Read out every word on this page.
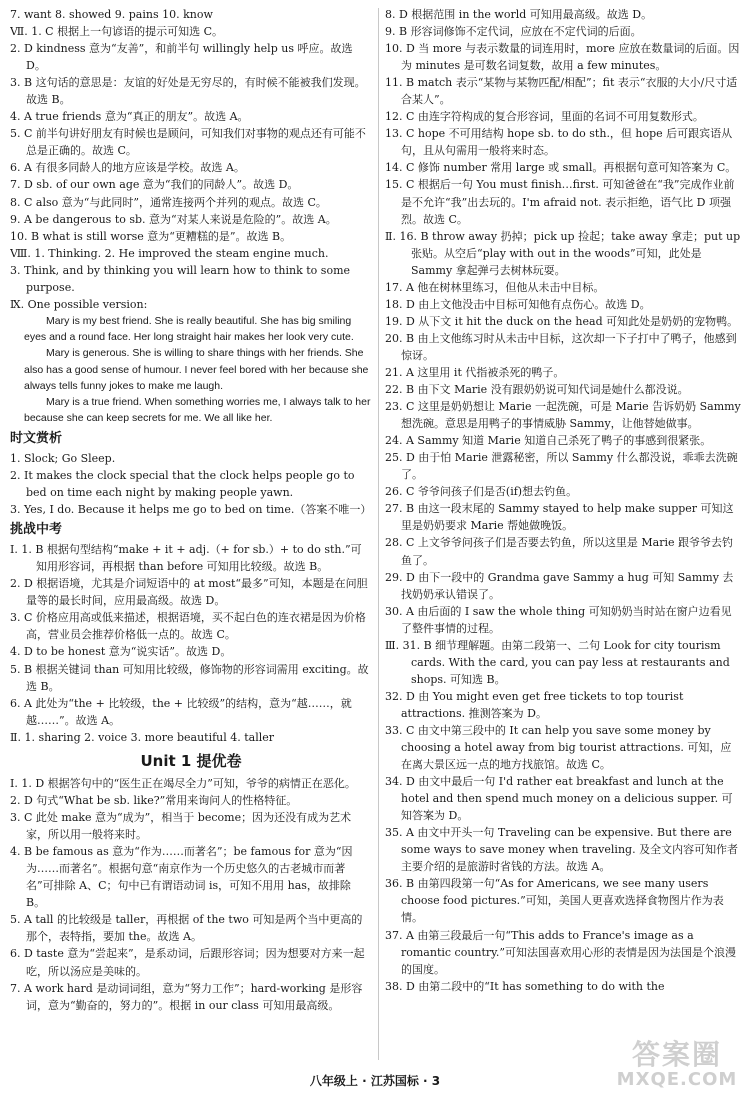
7. want 8. showed 9. pains 10. know
Ⅶ. 1. C 根据上一句谚语的提示可知选 C。
2. D kindness 意为“友善”，和前半句 willingly help us 呼应。故选 D。
3. B 这句话的意思是：友谊的好处是无穷尽的，有时候不能被我们发现。故选 B。
4. A true friends 意为“真正的朋友”。故选 A。
5. C 前半句讲好朋友有时候也是顾问，可知我们对事物的观点还有可能不总是正确的。故选 C。
6. A 有很多同龄人的地方应该是学校。故选 A。
7. D sb. of our own age 意为“我们的同龄人”。故选 D。
8. C also 意为“与此同时”，通常连接两个并列的观点。故选 C。
9. A be dangerous to sb. 意为“对某人来说是危险的”。故选 A。
10. B what is still worse 意为“更糟糕的是”。故选 B。
Ⅷ. 1. Thinking. 2. He improved the steam engine much.
3. Think, and by thinking you will learn how to think to some purpose.
Ⅸ. One possible version:
Mary is my best friend. She is really beautiful. She has big smiling eyes and a round face. Her long straight hair makes her look very cute.
Mary is generous. She is willing to share things with her friends. She also has a good sense of humour. I never feel bored with her because she always tells funny jokes to make me laugh.
Mary is a true friend. When something worries me, I always talk to her because she can keep secrets for me. We all like her.
时文赏析
1. Slock; Go Sleep.
2. It makes the clock special that the clock helps people go to bed on time each night by making people yawn.
3. Yes, I do. Because it helps me go to bed on time.（答案不唯一）
挑战中考
Ⅰ. 1. B 根据句型结构“make + it + adj.（+ for sb.）+ to do sth.”可知用形容词，再根据 than before 可知用比较级。故选 B。
2. D 根据语境，尤其是介词短语中的 at most“最多”可知，本题是在问胆量等的最长时间，应用最高级。故选 D。
3. C 价格应用高或低来描述，根据语境，买不起白色的连衣裙是因为价格高，营业员会推荐价格低一点的。故选 C。
4. D to be honest 意为“说实话”。故选 D。
5. B 根据关键词 than 可知用比较级，修饰物的形容词需用 exciting。故选 B。
6. A 此处为“the + 比较级，the + 比较级”的结构，意为“越……，就越……”。故选 A。
Ⅱ. 1. sharing 2. voice 3. more beautiful 4. taller
Unit 1 提优卷
Ⅰ. 1. D 根据答句中的“医生正在竭尽全力”可知，爷爷的病情正在恶化。
2. D 句式“What be sb. like?”常用来询问人的性格特征。
3. C 此处 make 意为“成为”，相当于 become；因为还没有成为艺术家，所以用一般将来时。
4. B be famous as 意为“作为……而著名”；be famous for 意为“因为……而著名”。根据句意“南京作为一个历史悠久的古老城市而著名”可排除 A、C；句中已有谓语动词 is，可知不用用 has，故排除 B。
5. A tall 的比较级是 taller，再根据 of the two 可知是两个当中更高的那个，表特指，要加 the。故选 A。
6. D taste 意为“尝起来”，是系动词，后跟形容词；因为想要对方来一起吃，所以汤应是美味的。
7. A work hard 是动词词组，意为“努力工作”；hard-working 是形容词，意为“勤奋的，努力的”。根据 in our class 可知用最高级。
8. D 根据范围 in the world 可知用最高级。故选 D。
9. B 形容词修饰不定代词，应放在不定代词的后面。
10. D 当 more 与表示数量的词连用时，more 应放在数量词的后面。因为 minutes 是可数名词复数，故用 a few minutes。
11. B match 表示“某物与某物匹配/相配”；fit 表示“衣服的大小/尺寸适合某人”。
12. C 由连字符构成的复合形容词，里面的名词不可用复数形式。
13. C hope 不可用结构 hope sb. to do sth.，但 hope 后可跟宾语从句，且从句需用一般将来时态。
14. C 修饰 number 常用 large 或 small。再根据句意可知答案为 C。
15. C 根据后一句 You must finish…first. 可知爸爸在“我”完成作业前是不允许“我”出去玩的。I'm afraid not. 表示拒绝，语气比 D 项强烈。故选 C。
Ⅱ. 16. B throw away 扔掉；pick up 捡起；take away 拿走；put up 张贴。从空后“play with out in the woods”可知，此处是 Sammy 拿起弹弓去树林玩耍。
17. A 他在树林里练习，但他从未击中目标。
18. D 由上文他没击中目标可知他有点伤心。故选 D。
19. D 从下文 it hit the duck on the head 可知此处是奶奶的宠物鸭。
20. B 由上文他练习时从未击中目标，这次却一下子打中了鸭子，他感到惊讶。
21. A 这里用 it 代指被杀死的鸭子。
22. B 由下文 Marie 没有跟奶奶说可知代词是她什么都没说。
23. C 这里是奶奶想让 Marie 一起洗碗，可是 Marie 告诉奶奶 Sammy 想洗碗。意思是用鸭子的事情威胁 Sammy，让他替她做事。
24. A Sammy 知道 Marie 知道自己杀死了鸭子的事感到很紧张。
25. D 由于怕 Marie 泄露秘密，所以 Sammy 什么都没说，乖乖去洗碗了。
26. C 爷爷问孩子们是否(if)想去钓鱼。
27. B 由这一段末尾的 Sammy stayed to help make supper 可知这里是奶奶要求 Marie 帮她做晚饭。
28. C 上文爷爷问孩子们是否要去钓鱼，所以这里是 Marie 跟爷爷去钓鱼了。
29. D 由下一段中的 Grandma gave Sammy a hug 可知 Sammy 去找奶奶承认错误了。
30. A 由后面的 I saw the whole thing 可知奶奶当时站在窗户边看见了整件事情的过程。
Ⅲ. 31. B 细节理解题。由第二段第一、二句 Look for city tourism cards. With the card, you can pay less at restaurants and shops. 可知选 B。
32. D 由 You might even get free tickets to top tourist attractions. 推测答案为 D。
33. C 由文中第三段中的 It can help you save some money by choosing a hotel away from big tourist attractions. 可知，应在离大景区远一点的地方找旅馆。故选 C。
34. D 由文中最后一句 I'd rather eat breakfast and lunch at the hotel and then spend much money on a delicious supper. 可知答案为 D。
35. A 由文中开头一句 Traveling can be expensive. But there are some ways to save money when traveling. 及全文内容可知作者主要介绍的是旅游时省钱的方法。故选 A。
36. B 由第四段第一句“As for Americans, we see many users choose food pictures.”可知，美国人更喜欢选择食物图片作为表情。
37. A 由第三段最后一句“This adds to France's image as a romantic country.”可知法国喜欢用心形的表情是因为法国是个浪漫的国度。
38. D 由第二段中的“It has something to do with the
八年级上 · 江苏国标 · 3
答案圈
MXQE.COM
